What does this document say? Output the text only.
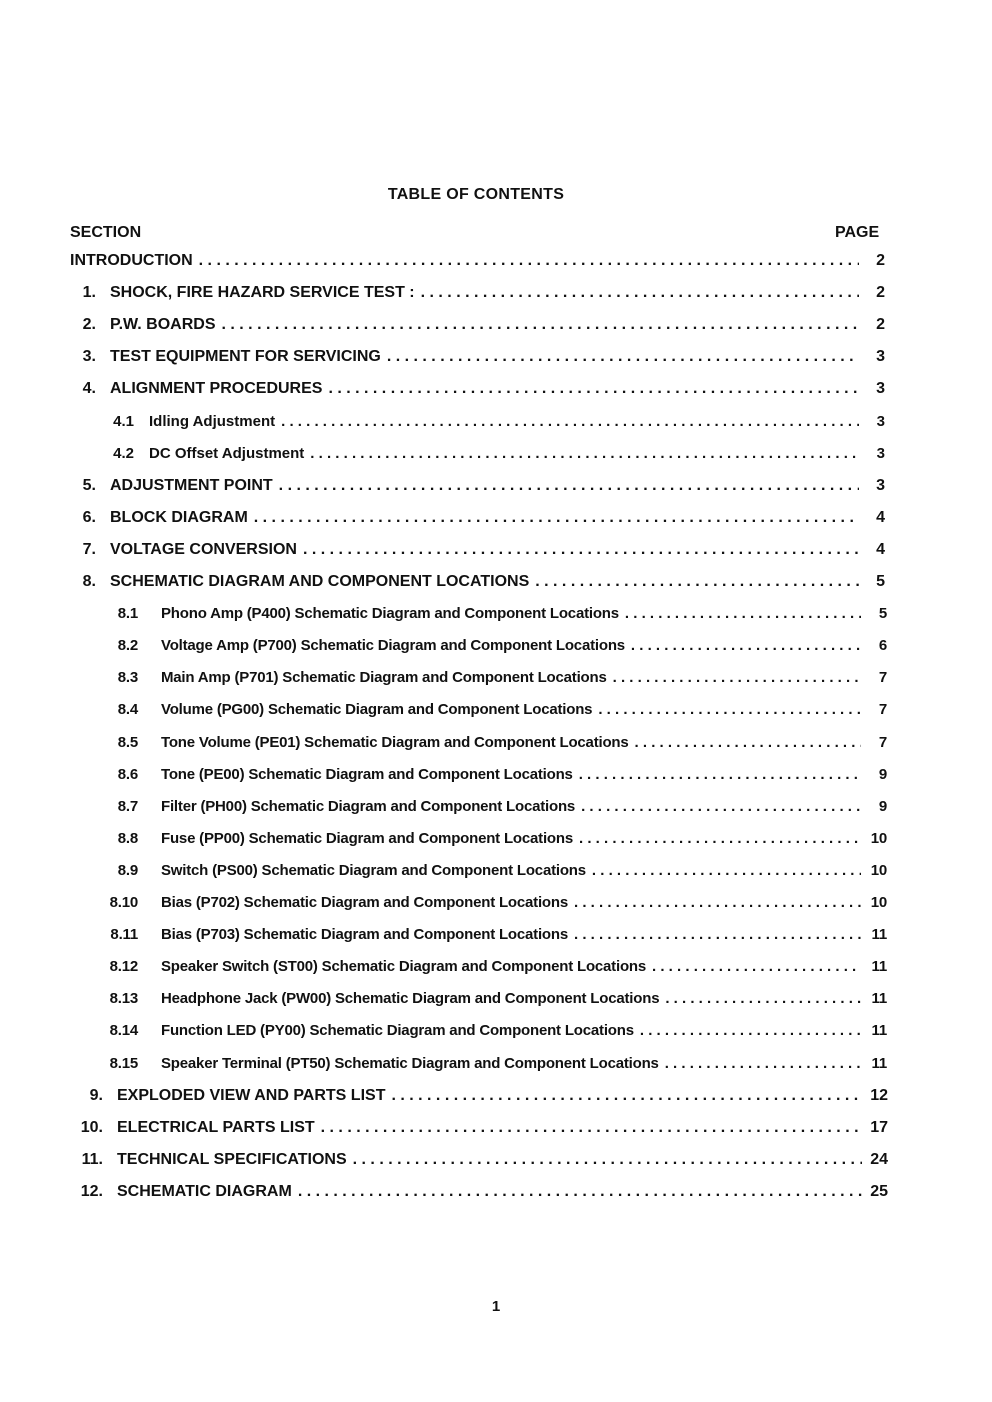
TABLE OF CONTENTS
SECTION	PAGE
INTRODUCTION . . .	2
1. SHOCK, FIRE HAZARD SERVICE TEST : . . .	2
2. P.W. BOARDS . . .	2
3. TEST EQUIPMENT FOR SERVICING . . .	3
4. ALIGNMENT PROCEDURES . . .	3
4.1 Idling Adjustment . . .	3
4.2 DC Offset Adjustment . . .	3
5. ADJUSTMENT POINT . . .	3
6. BLOCK DIAGRAM . . .	4
7. VOLTAGE CONVERSION . . .	4
8. SCHEMATIC DIAGRAM AND COMPONENT LOCATIONS . . .	5
8.1 Phono Amp (P400) Schematic Diagram and Component Locations . . .	5
8.2 Voltage Amp (P700) Schematic Diagram and Component Locations . . .	6
8.3 Main Amp (P701) Schematic Diagram and Component Locations . . .	7
8.4 Volume (PG00) Schematic Diagram and Component Locations . . .	7
8.5 Tone Volume (PE01) Schematic Diagram and Component Locations . . .	7
8.6 Tone (PE00) Schematic Diagram and Component Locations . . .	9
8.7 Filter (PH00) Schematic Diagram and Component Locations . . .	9
8.8 Fuse (PP00) Schematic Diagram and Component Locations . . .	10
8.9 Switch (PS00) Schematic Diagram and Component Locations . . .	10
8.10 Bias (P702) Schematic Diagram and Component Locations . . .	10
8.11 Bias (P703) Schematic Diagram and Component Locations . . .	11
8.12 Speaker Switch (ST00) Schematic Diagram and Component Locations . . .	11
8.13 Headphone Jack (PW00) Schematic Diagram and Component Locations . . .	11
8.14 Function LED (PY00) Schematic Diagram and Component Locations . . .	11
8.15 Speaker Terminal (PT50) Schematic Diagram and Component Locations . . .	11
9. EXPLODED VIEW AND PARTS LIST . . .	12
10. ELECTRICAL PARTS LIST . . .	17
11. TECHNICAL SPECIFICATIONS . . .	24
12. SCHEMATIC DIAGRAM . . .	25
1
